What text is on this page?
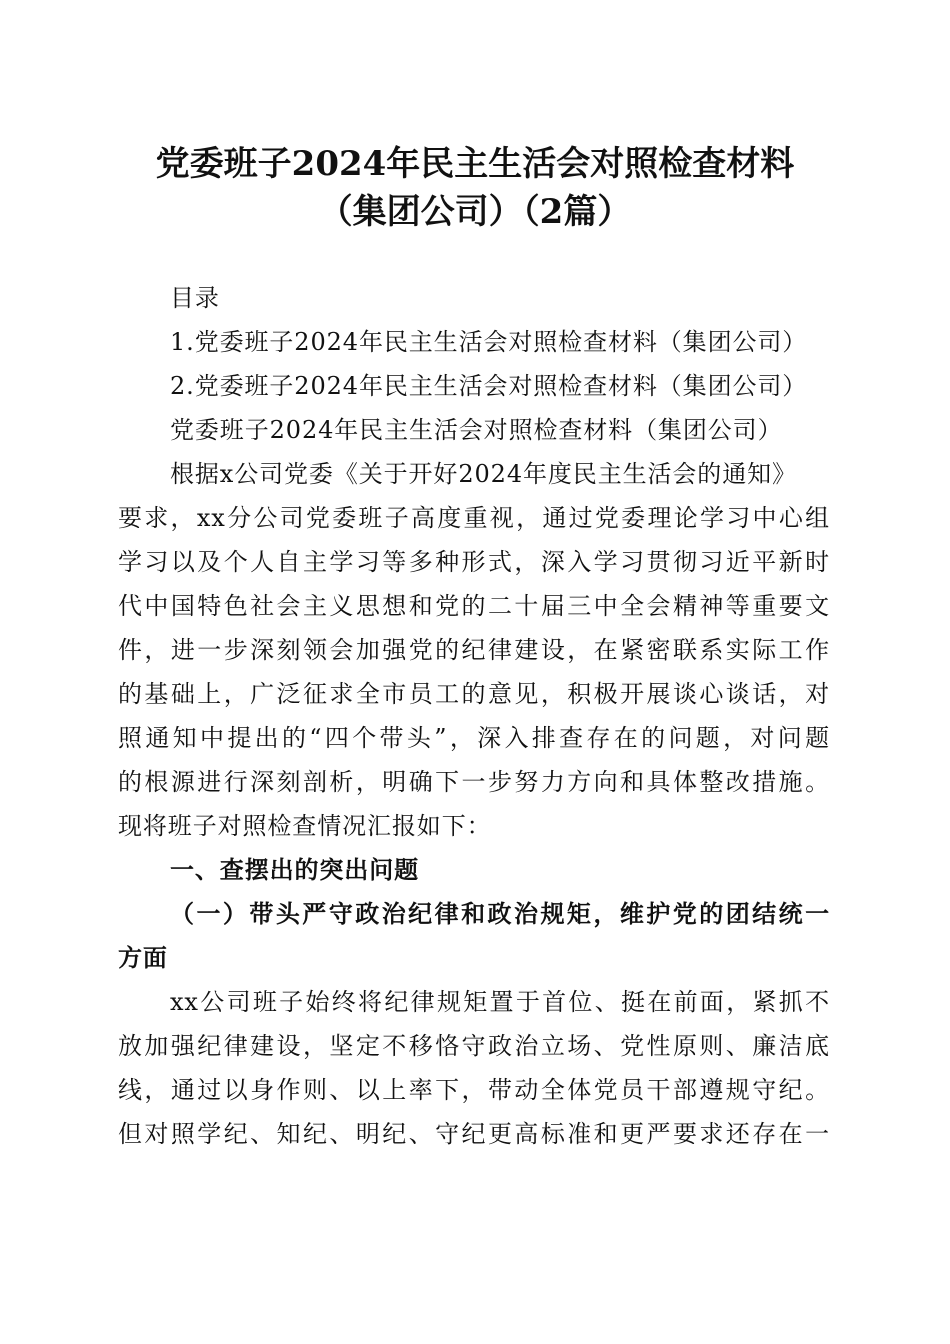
党委班子2024年民主生活会对照检查材料
（集团公司）（2篇）
目录
1.党委班子2024年民主生活会对照检查材料（集团公司）
2.党委班子2024年民主生活会对照检查材料（集团公司）
党委班子2024年民主生活会对照检查材料（集团公司）
根据x公司党委《关于开好2024年度民主生活会的通知》
要求，xx分公司党委班子高度重视，通过党委理论学习中心组
学习以及个人自主学习等多种形式，深入学习贯彻习近平新时
代中国特色社会主义思想和党的二十届三中全会精神等重要文
件，进一步深刻领会加强党的纪律建设，在紧密联系实际工作
的基础上，广泛征求全市员工的意见，积极开展谈心谈话，对
照通知中提出的“四个带头”，深入排查存在的问题，对问题
的根源进行深刻剖析，明确下一步努力方向和具体整改措施。
现将班子对照检查情况汇报如下：
一、查摆出的突出问题
（一）带头严守政治纪律和政治规矩，维护党的团结统一
方面
xx公司班子始终将纪律规矩置于首位、挺在前面，紧抓不
放加强纪律建设，坚定不移恪守政治立场、党性原则、廉洁底
线，通过以身作则、以上率下，带动全体党员干部遵规守纪。
但对照学纪、知纪、明纪、守纪更高标准和更严要求还存在一
